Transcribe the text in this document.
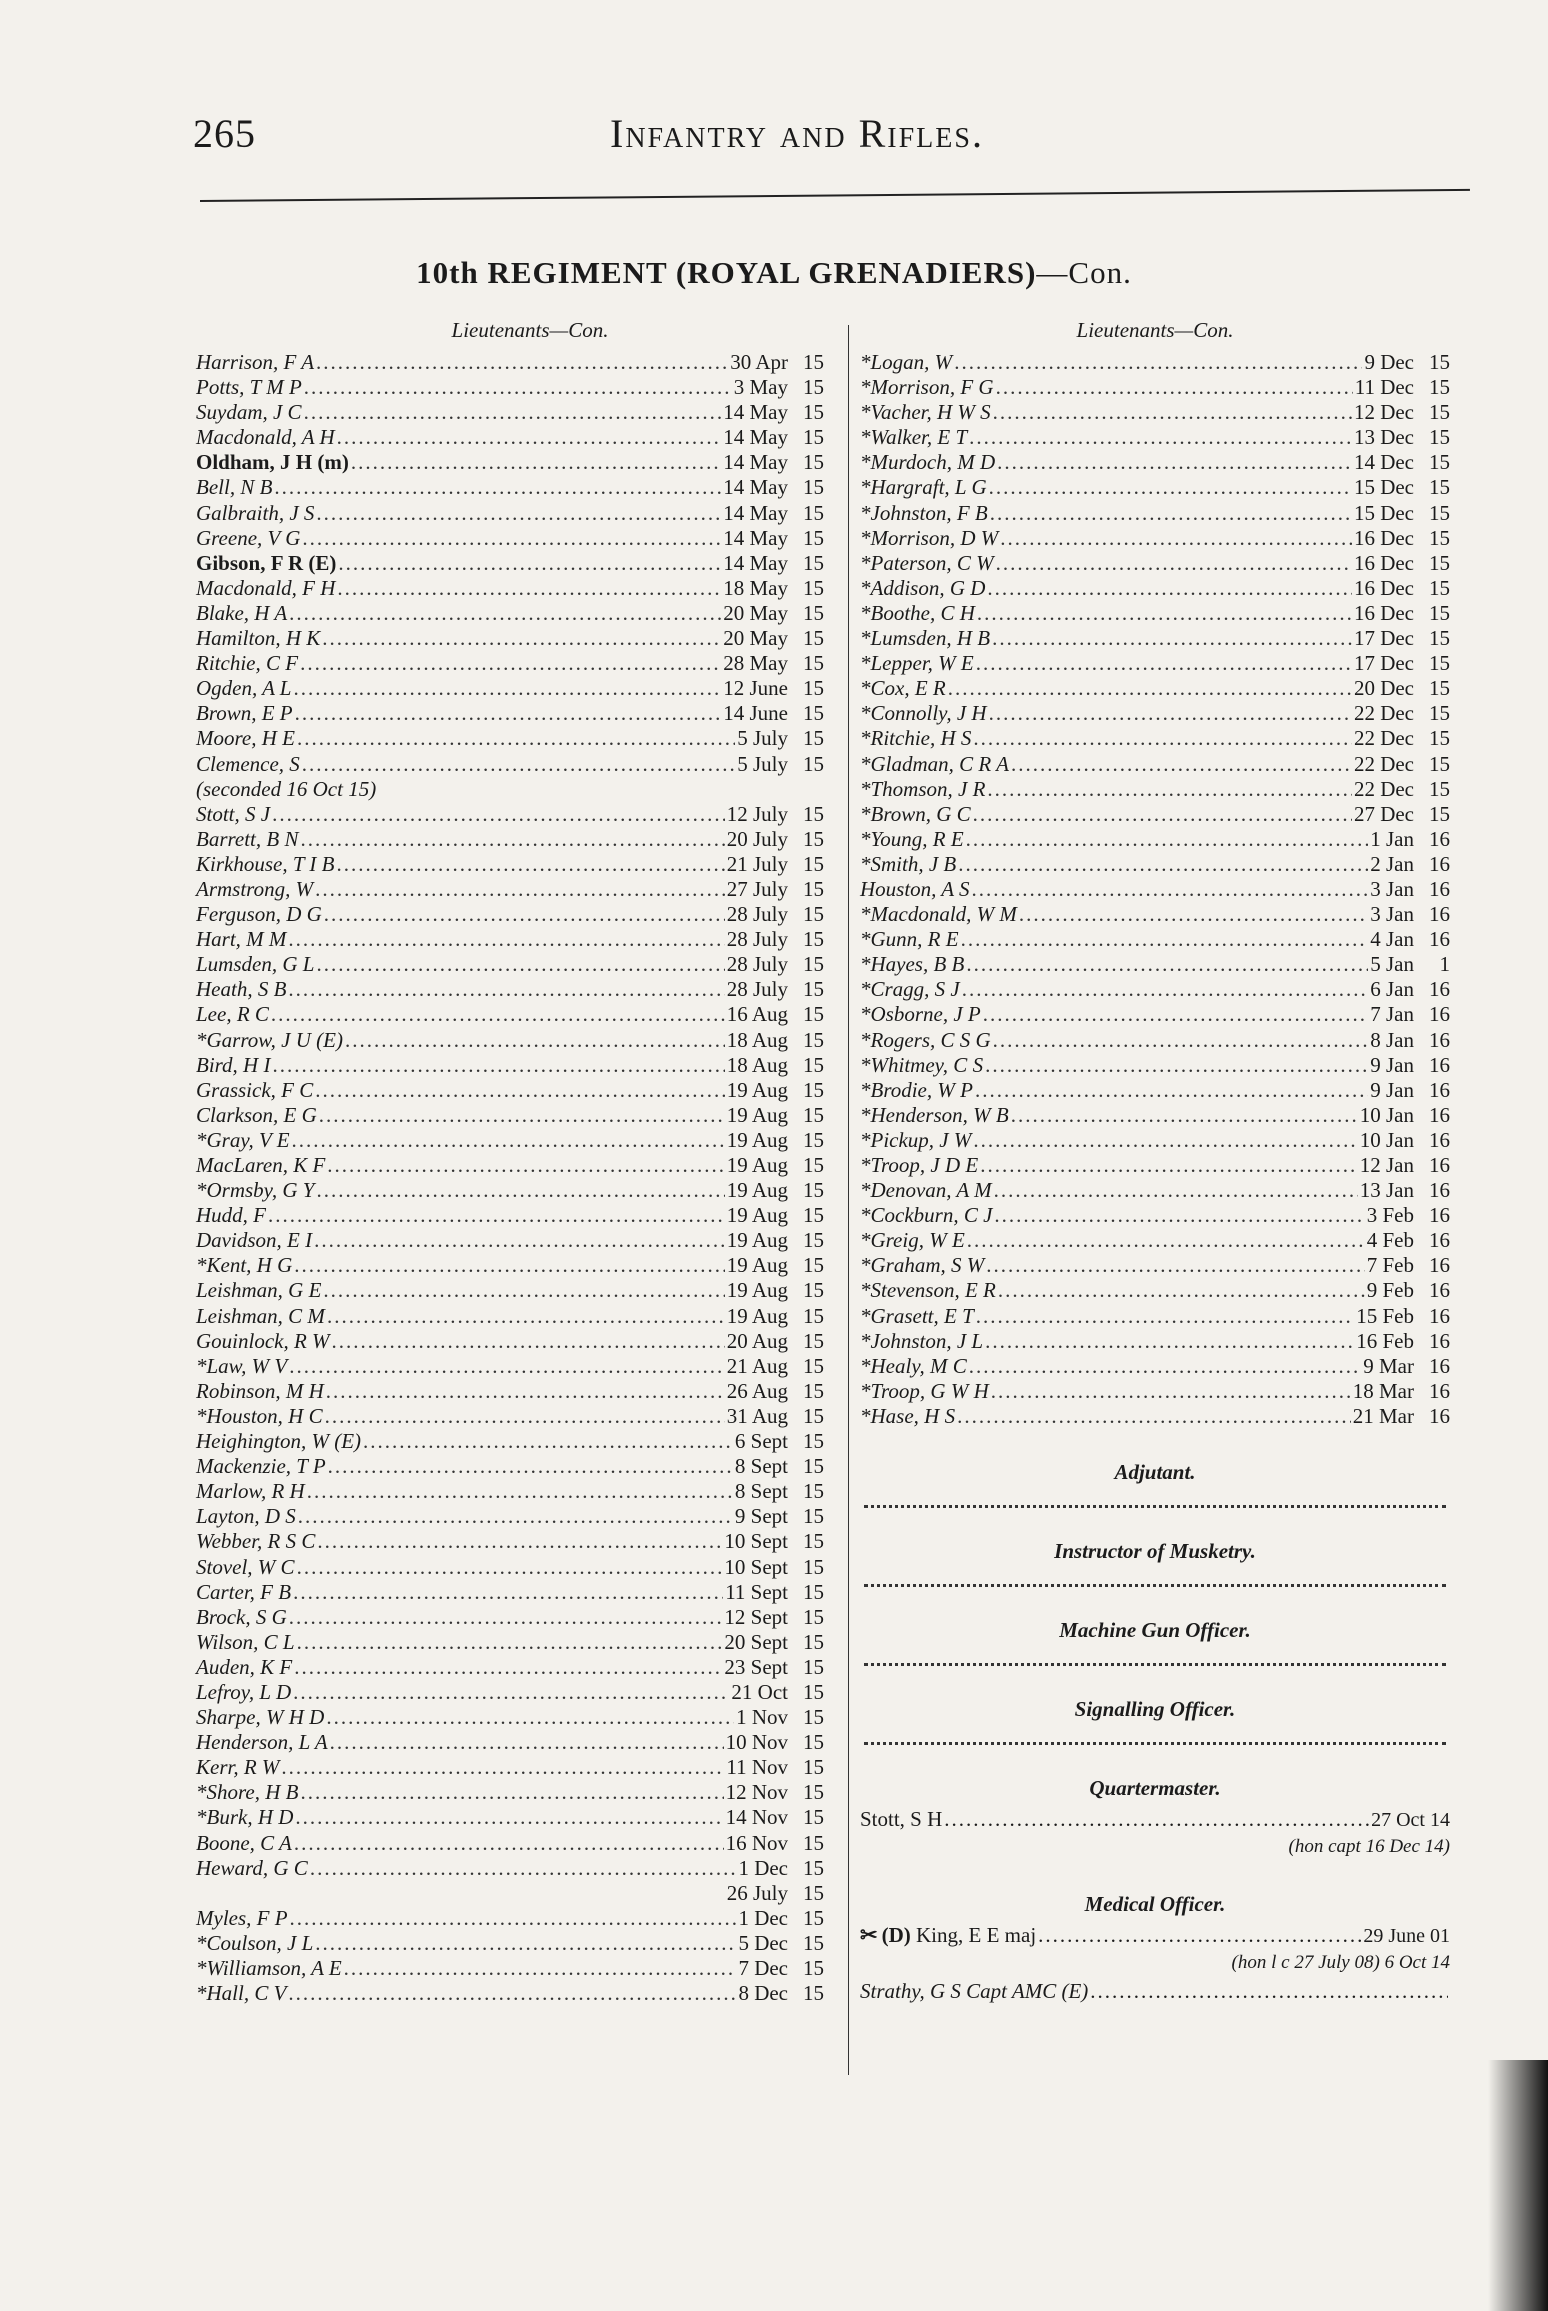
265	Infantry and Rifles.
10th REGIMENT (ROYAL GRENADIERS)—Con.
Lieutenants—Con.
Harrison, F A .....	30 Apr 15
Potts, T M P .....	3 May 15
Suydam, J C .....	14 May 15
Macdonald, A H .....	14 May 15
Oldham, J H (m) .....	14 May 15
Bell, N B .....	14 May 15
Galbraith, J S .....	14 May 15
Greene, V G .....	14 May 15
Gibson, F R (E) .....	14 May 15
Macdonald, F H .....	18 May 15
Blake, H A .....	20 May 15
Hamilton, H K .....	20 May 15
Ritchie, C F .....	28 May 15
Ogden, A L .....	12 June 15
Brown, E P .....	14 June 15
Moore, H E .....	5 July 15
Clemence, S .....	5 July 15
(seconded 16 Oct 15)
Stott, S J .....	12 July 15
Barrett, B N .....	20 July 15
Kirkhouse, T I B .....	21 July 15
Armstrong, W .....	27 July 15
Ferguson, D G .....	28 July 15
Hart, M M .....	28 July 15
Lumsden, G L .....	28 July 15
Heath, S B .....	28 July 15
Lee, R C .....	16 Aug 15
*Garrow, J U (E) .....	18 Aug 15
Bird, H I .....	18 Aug 15
Grassick, F C .....	19 Aug 15
Clarkson, E G .....	19 Aug 15
*Gray, V E .....	19 Aug 15
MacLaren, K F .....	19 Aug 15
*Ormsby, G Y .....	19 Aug 15
Hudd, F .....	19 Aug 15
Davidson, E I .....	19 Aug 15
*Kent, H G .....	19 Aug 15
Leishman, G E .....	19 Aug 15
Leishman, C M .....	19 Aug 15
Gouinlock, R W .....	20 Aug 15
*Law, W V .....	21 Aug 15
Robinson, M H .....	26 Aug 15
*Houston, H C .....	31 Aug 15
Heighington, W (E) .....	6 Sept 15
Mackenzie, T P .....	8 Sept 15
Marlow, R H .....	8 Sept 15
Layton, D S .....	9 Sept 15
Webber, R S C .....	10 Sept 15
Stovel, W C .....	10 Sept 15
Carter, F B .....	11 Sept 15
Brock, S G .....	12 Sept 15
Wilson, C L .....	20 Sept 15
Auden, K F .....	23 Sept 15
Lefroy, L D .....	21 Oct 15
Sharpe, W H D .....	1 Nov 15
Henderson, L A .....	10 Nov 15
Kerr, R W .....	11 Nov 15
*Shore, H B .....	12 Nov 15
*Burk, H D .....	14 Nov 15
Boone, C A .....	16 Nov 15
Heward, G C .....	1 Dec 15
26 July 15
Myles, F P .....	1 Dec 15
*Coulson, J L .....	5 Dec 15
*Williamson, A E .....	7 Dec 15
*Hall, C V .....	8 Dec 15
Lieutenants—Con.
*Logan, W .....	9 Dec 15
*Morrison, F G .....	11 Dec 15
*Vacher, H W S .....	12 Dec 15
*Walker, E T .....	13 Dec 15
*Murdoch, M D .....	14 Dec 15
*Hargraft, L G .....	15 Dec 15
*Johnston, F B .....	15 Dec 15
*Morrison, D W .....	16 Dec 15
*Paterson, C W .....	16 Dec 15
*Addison, G D .....	16 Dec 15
*Boothe, C H .....	16 Dec 15
*Lumsden, H B .....	17 Dec 15
*Lepper, W E .....	17 Dec 15
*Cox, E R .....	20 Dec 15
*Connolly, J H .....	22 Dec 15
*Ritchie, H S .....	22 Dec 15
*Gladman, C R A .....	22 Dec 15
*Thomson, J R .....	22 Dec 15
*Brown, G C .....	27 Dec 15
*Young, R E .....	1 Jan 16
*Smith, J B .....	2 Jan 16
Houston, A S .....	3 Jan 16
*Macdonald, W M .....	3 Jan 16
*Gunn, R E .....	4 Jan 16
*Hayes, B B .....	5 Jan	1
*Cragg, S J .....	6 Jan 16
*Osborne, J P .....	7 Jan 16
*Rogers, C S G .....	8 Jan 16
*Whitmey, C S .....	9 Jan 16
*Brodie, W P .....	9 Jan 16
*Henderson, W B .....	10 Jan 16
*Pickup, J W .....	10 Jan 16
*Troop, J D E .....	12 Jan 16
*Denovan, A M .....	13 Jan 16
*Cockburn, C J .....	3 Feb 16
*Greig, W E .....	4 Feb 16
*Graham, S W .....	7 Feb 16
*Stevenson, E R .....	9 Feb 16
*Grasett, E T .....	15 Feb 16
*Johnston, J L .....	16 Feb 16
*Healy, M C .....	9 Mar 16
*Troop, G W H .....	18 Mar 16
*Hase, H S .....	21 Mar 16
Adjutant.
Instructor of Musketry.
Machine Gun Officer.
Signalling Officer.
Quartermaster.
Stott, S H .....	27 Oct 14
(hon capt 16 Dec 14)
Medical Officer.
✂ (D) King, E E maj .....	29 June 01
(hon l c 27 July 08)
6 Oct 14
Strathy, G S Capt AMC (E)
.....
